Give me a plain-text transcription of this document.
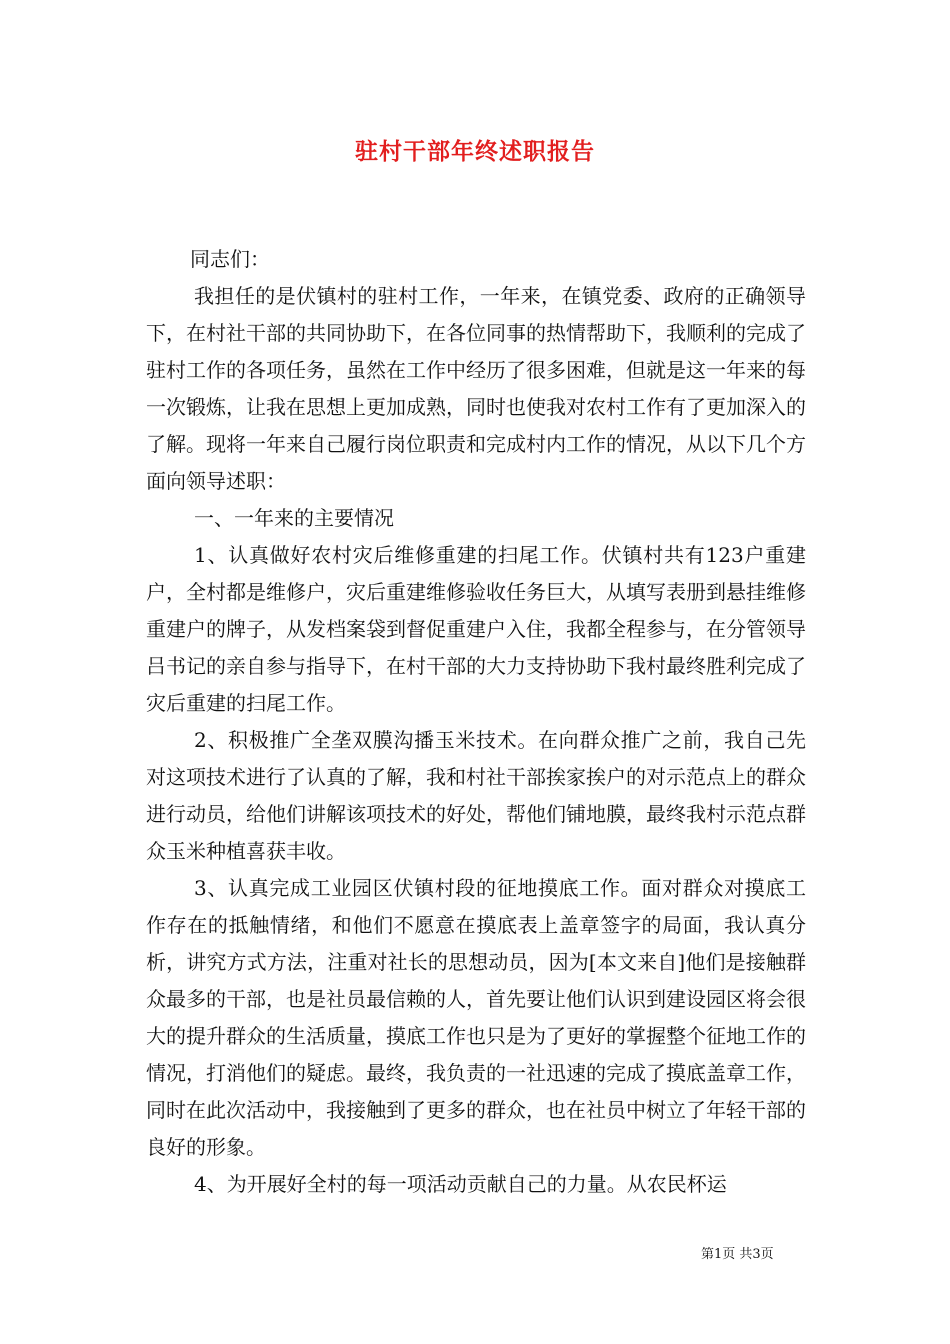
驻村干部年终述职报告

同志们：

我担任的是伏镇村的驻村工作，一年来，在镇党委、政府的正确领导下，在村社干部的共同协助下，在各位同事的热情帮助下，我顺利的完成了驻村工作的各项任务，虽然在工作中经历了很多困难，但就是这一年来的每一次锻炼，让我在思想上更加成熟，同时也使我对农村工作有了更加深入的了解。现将一年来自己履行岗位职责和完成村内工作的情况，从以下几个方面向领导述职：

一、一年来的主要情况

1、认真做好农村灾后维修重建的扫尾工作。伏镇村共有123户重建户，全村都是维修户，灾后重建维修验收任务巨大，从填写表册到悬挂维修重建户的牌子，从发档案袋到督促重建户入住，我都全程参与，在分管领导吕书记的亲自参与指导下，在村干部的大力支持协助下我村最终胜利完成了灾后重建的扫尾工作。

2、积极推广全垄双膜沟播玉米技术。在向群众推广之前，我自己先对这项技术进行了认真的了解，我和村社干部挨家挨户的对示范点上的群众进行动员，给他们讲解该项技术的好处，帮他们铺地膜，最终我村示范点群众玉米种植喜获丰收。

3、认真完成工业园区伏镇村段的征地摸底工作。面对群众对摸底工作存在的抵触情绪，和他们不愿意在摸底表上盖章签字的局面，我认真分析，讲究方式方法，注重对社长的思想动员，因为[本文来自]他们是接触群众最多的干部，也是社员最信赖的人，首先要让他们认识到建设园区将会很大的提升群众的生活质量，摸底工作也只是为了更好的掌握整个征地工作的情况，打消他们的疑虑。最终，我负责的一社迅速的完成了摸底盖章工作，同时在此次活动中，我接触到了更多的群众，也在社员中树立了年轻干部的良好的形象。

4、为开展好全村的每一项活动贡献自己的力量。从农民杯运

第1页 共3页
